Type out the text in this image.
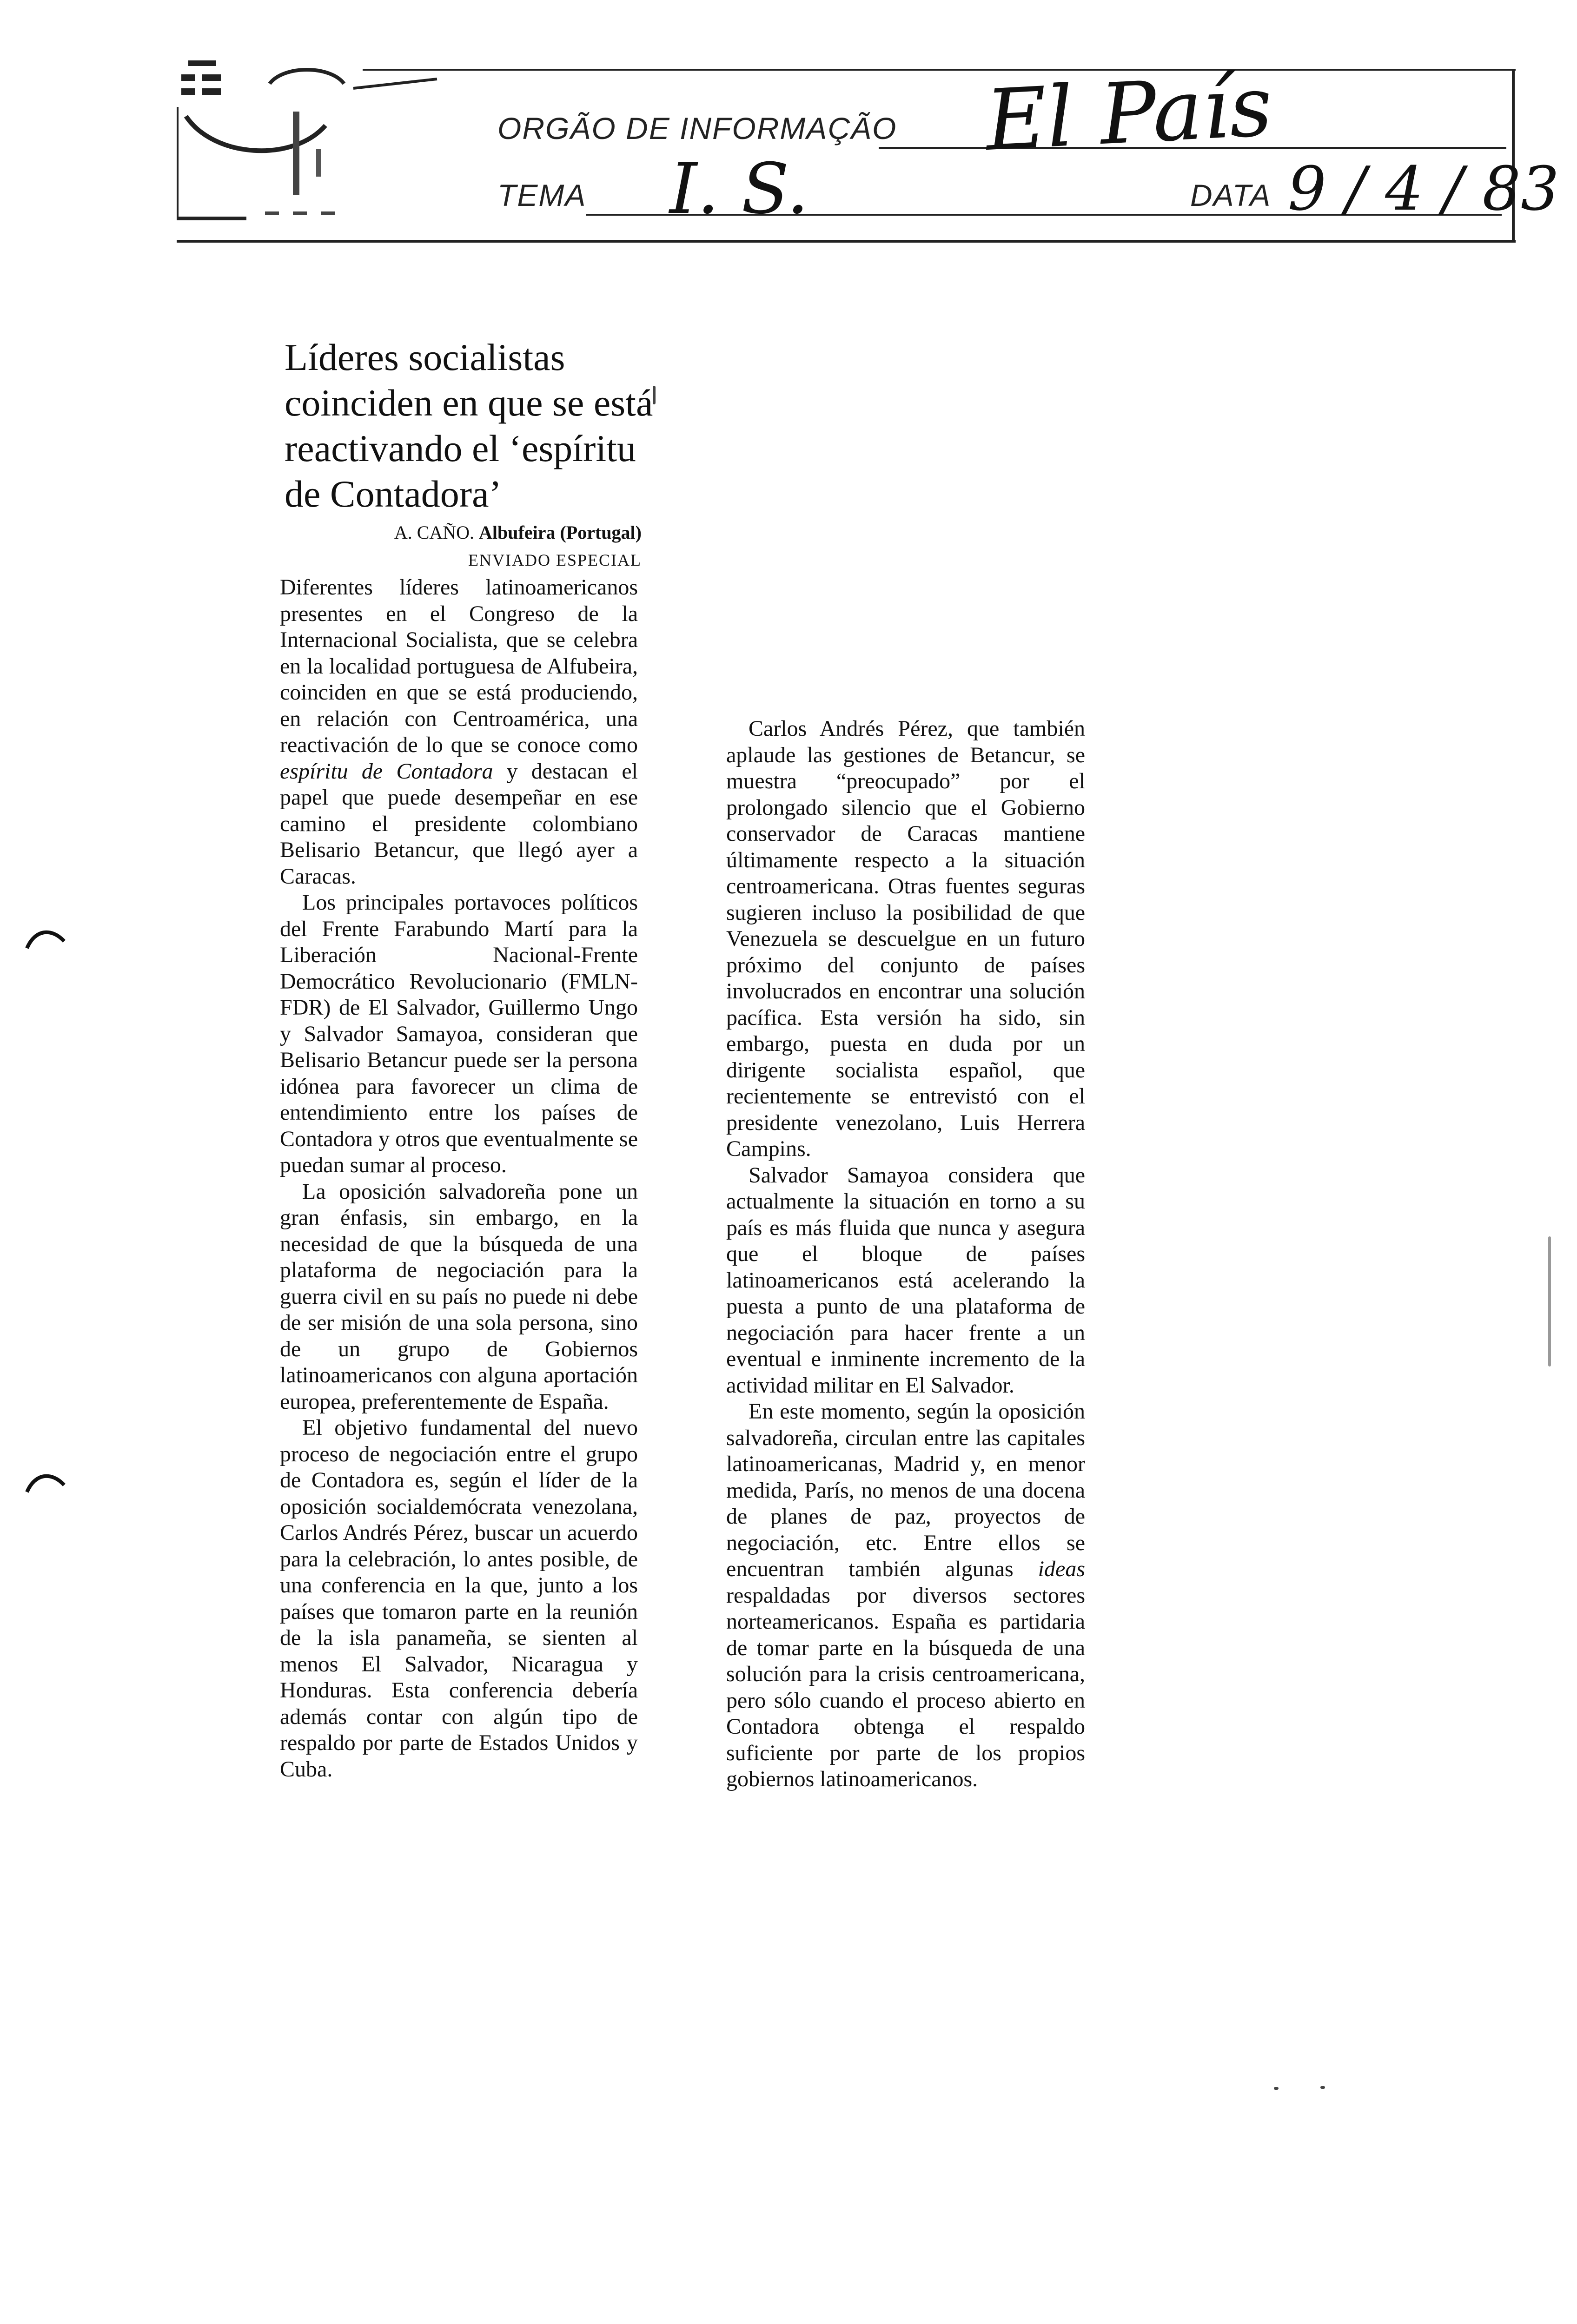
ORGÃO DE INFORMAÇÃO El País
TEMA I. S.	DATA 9 / 4 / 83
Líderes socialistas coinciden en que se está reactivando el ‘espíritu de Contadora’
A. CAÑO. Albufeira (Portugal)
ENVIADO ESPECIAL

Diferentes líderes latinoamericanos presentes en el Congreso de la Internacional Socialista, que se celebra en la localidad portuguesa de Alfubeira, coinciden en que se está produciendo, en relación con Centroamérica, una reactivación de lo que se conoce como espíritu de Contadora y destacan el papel que puede desempeñar en ese camino el presidente colombiano Belisario Betancur, que llegó ayer a Caracas.

Los principales portavoces políticos del Frente Farabundo Martí para la Liberación Nacional-Frente Democrático Revolucionario (FMLN-FDR) de El Salvador, Guillermo Ungo y Salvador Samayoa, consideran que Belisario Betancur puede ser la persona idónea para favorecer un clima de entendimiento entre los países de Contadora y otros que eventualmente se puedan sumar al proceso.

La oposición salvadoreña pone un gran énfasis, sin embargo, en la necesidad de que la búsqueda de una plataforma de negociación para la guerra civil en su país no puede ni debe de ser misión de una sola persona, sino de un grupo de Gobiernos latinoamericanos con alguna aportación europea, preferentemente de España.

El objetivo fundamental del nuevo proceso de negociación entre el grupo de Contadora es, según el líder de la oposición socialdemócrata venezolana, Carlos Andrés Pérez, buscar un acuerdo para la celebración, lo antes posible, de una conferencia en la que, junto a los países que tomaron parte en la reunión de la isla panameña, se sienten al menos El Salvador, Nicaragua y Honduras. Esta conferencia debería además contar con algún tipo de respaldo por parte de Estados Unidos y Cuba.

Carlos Andrés Pérez, que también aplaude las gestiones de Betancur, se muestra “preocupado” por el prolongado silencio que el Gobierno conservador de Caracas mantiene últimamente respecto a la situación centroamericana. Otras fuentes seguras sugieren incluso la posibilidad de que Venezuela se descuelgue en un futuro próximo del conjunto de países involucrados en encontrar una solución pacífica. Esta versión ha sido, sin embargo, puesta en duda por un dirigente socialista español, que recientemente se entrevistó con el presidente venezolano, Luis Herrera Campins.

Salvador Samayoa considera que actualmente la situación en torno a su país es más fluida que nunca y asegura que el bloque de países latinoamericanos está acelerando la puesta a punto de una plataforma de negociación para hacer frente a un eventual e inminente incremento de la actividad militar en El Salvador.

En este momento, según la oposición salvadoreña, circulan entre las capitales latinoamericanas, Madrid y, en menor medida, París, no menos de una docena de planes de paz, proyectos de negociación, etc. Entre ellos se encuentran también algunas ideas respaldadas por diversos sectores norteamericanos. España es partidaria de tomar parte en la búsqueda de una solución para la crisis centroamericana, pero sólo cuando el proceso abierto en Contadora obtenga el respaldo suficiente por parte de los propios gobiernos latinoamericanos.
